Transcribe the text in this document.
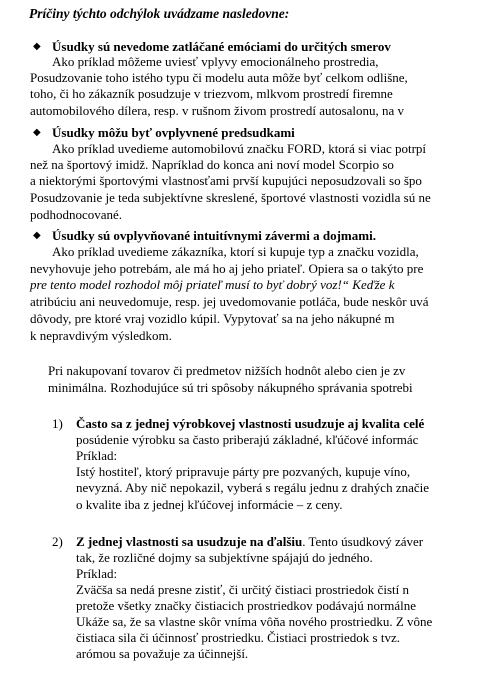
Príčiny týchto odchýlok uvádzame nasledovne:
◆ Úsudky sú nevedome zatláčané emóciami do určitých smerov
Ako príklad môžeme uviesť vplyvy emocionálneho prostredia,
Posudzovanie toho istého typu či modelu auta môže byť celkom odlišne,
toho, či ho zákazník posudzuje v triezvom, mlkvom prostredí firemne
automobilového dílera, resp. v rušnom živom prostredí autosalonu, na v
◆ Úsudky môžu byť ovplyvnené predsudkami
Ako príklad uvedieme automobilovú značku FORD, ktorá si viac potrpí
než na športový imidž. Napríklad do konca ani noví model Scorpio so
a niektorými športovými vlastnosťami prvší kupujúci neposudzovali so špo
Posudzovanie je teda subjektívne skreslené, športové vlastnosti vozidla sú ne
podhodnocované.
◆ Úsudky sú ovplyvňované intuitívnymi závermi a dojmami.
Ako príklad uvedieme zákazníka, ktorí si kupuje typ a značku vozidla,
nevyhovuje jeho potrebám, ale má ho aj jeho priateľ. Opiera sa o takýto pre
pre tento model rozhodol môj priateľ musí to byť dobrý voz!“ Keďže k
atribúciu ani neuvedomuje, resp. jej uvedomovanie potláča, bude neskôr uvá
dôvody, pre ktoré vraj vozidlo kúpil. Vypytovať sa na jeho nákupné m
k nepravdivým výsledkom.
Pri nakupovaní tovarov či predmetov nižších hodnôt alebo cien je zv
minimálna. Rozhodujúce sú tri spôsoby nákupného správania spotrebi
1) Často sa z jednej výrobkovej vlastnosti usudzuje aj kvalita celé
posúdenie výrobku sa často priberajú základné, kľúčové informác
Príklad:
Istý hostiteľ, ktorý pripravuje párty pre pozvaných, kupuje víno,
nevyzná. Aby nič nepokazil, vyberá s regálu jednu z drahých značie
o kvalite iba z jednej kľúčovej informácie – z ceny.
2) Z jednej vlastnosti sa usudzuje na ďalšiu. Tento úsudkový záver
tak, že rozličné dojmy sa subjektívne spájajú do jedného.
Príklad:
Zväčša sa nedá presne zistiť, či určitý čistiaci prostriedok čistí n
pretože všetky značky čistiacich prostriedkov podávajú normálne
Ukáže sa, že sa vlastne skôr vníma vôňa nového prostriedku. Z vône
čistiaca sila či účinnosť prostriedku. Čistiaci prostriedok s tvz.
arómou sa považuje za účinnejší.
